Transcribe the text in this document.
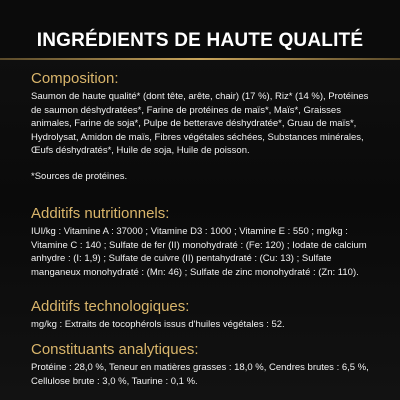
INGRÉDIENTS DE HAUTE QUALITÉ
Composition:

Saumon de haute qualité* (dont tête, arête, chair) (17 %), Riz* (14 %), Protéines de saumon déshydratées*, Farine de protéines de maïs*, Maïs*, Graisses animales, Farine de soja*, Pulpe de betterave déshydratée*, Gruau de maïs*, Hydrolysat, Amidon de maïs, Fibres végétales séchées, Substances minérales, Œufs déshydratés*, Huile de soja, Huile de poisson.

*Sources de protéines.

Additifs nutritionnels:

IUI/kg : Vitamine A : 37000 ; Vitamine D3 : 1000 ; Vitamine E : 550 ; mg/kg : Vitamine C : 140 ; Sulfate de fer (II) monohydraté : (Fe: 120) ; Iodate de calcium anhydre : (I: 1,9) ; Sulfate de cuivre (II) pentahydraté : (Cu: 13) ; Sulfate manganeux monohydraté : (Mn: 46) ; Sulfate de zinc monohydraté : (Zn: 110).

Additifs technologiques:

mg/kg : Extraits de tocophérols issus d'huiles végétales : 52.

Constituants analytiques:

Protéine : 28,0 %, Teneur en matières grasses : 18,0 %, Cendres brutes : 6,5 %, Cellulose brute : 3,0 %, Taurine : 0,1 %.
